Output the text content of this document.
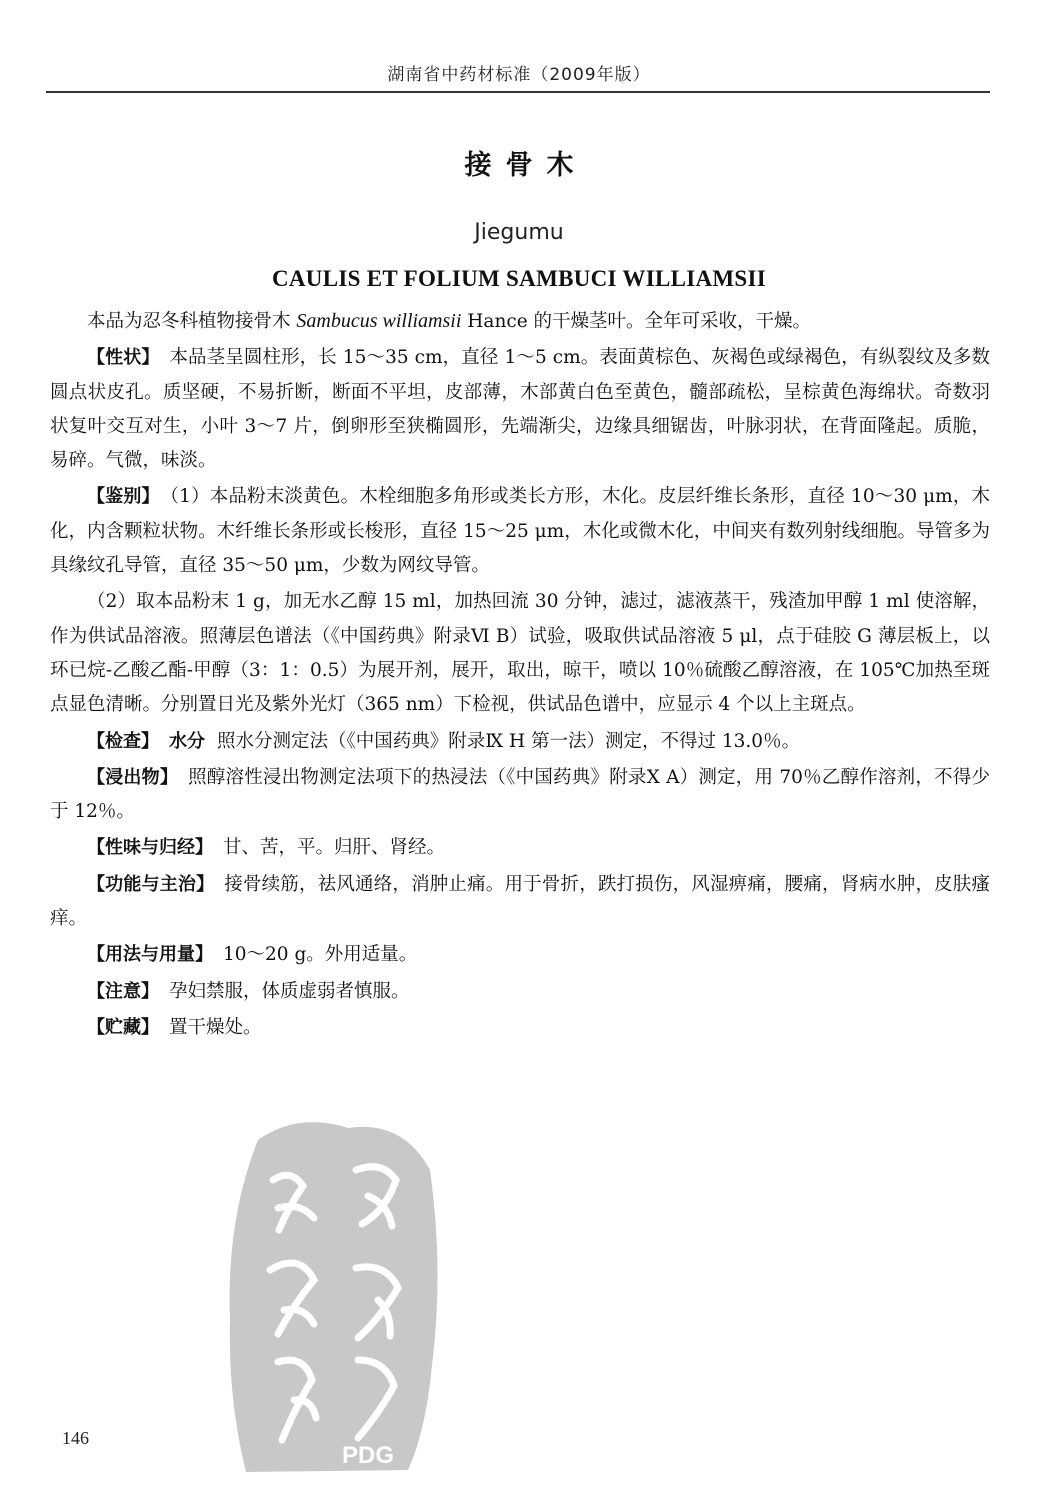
湖南省中药材标准（2009年版）
接骨木
Jiegumu
CAULIS ET FOLIUM SAMBUCI WILLIAMSII

本品为忍冬科植物接骨木 Sambucus williamsii Hance 的干燥茎叶。全年可采收，干燥。

【性状】 本品茎呈圆柱形，长 15～35 cm，直径 1～5 cm。表面黄棕色、灰褐色或绿褐色，有纵裂纹及多数圆点状皮孔。质坚硬，不易折断，断面不平坦，皮部薄，木部黄白色至黄色，髓部疏松，呈棕黄色海绵状。奇数羽状复叶交互对生，小叶 3～7 片，倒卵形至狭椭圆形，先端渐尖，边缘具细锯齿，叶脉羽状，在背面隆起。质脆，易碎。气微，味淡。

【鉴别】 （1）本品粉末淡黄色。木栓细胞多角形或类长方形，木化。皮层纤维长条形，直径 10～30 μm，木化，内含颗粒状物。木纤维长条形或长梭形，直径 15～25 μm，木化或微木化，中间夹有数列射线细胞。导管多为具缘纹孔导管，直径 35～50 μm，少数为网纹导管。

（2）取本品粉末 1 g，加无水乙醇 15 ml，加热回流 30 分钟，滤过，滤液蒸干，残渣加甲醇 1 ml 使溶解，作为供试品溶液。照薄层色谱法（《中国药典》附录Ⅵ B）试验，吸取供试品溶液 5 μl，点于硅胶 G 薄层板上，以环已烷-乙酸乙酯-甲醇（3：1：0.5）为展开剂，展开，取出，晾干，喷以 10％硫酸乙醇溶液，在 105℃加热至斑点显色清晰。分别置日光及紫外光灯（365 nm）下检视，供试品色谱中，应显示 4 个以上主斑点。

【检查】 水分 照水分测定法（《中国药典》附录Ⅸ H 第一法）测定，不得过 13.0％。

【浸出物】 照醇溶性浸出物测定法项下的热浸法（《中国药典》附录Ⅹ A）测定，用 70％乙醇作溶剂，不得少于 12％。

【性味与归经】 甘、苦，平。归肝、肾经。

【功能与主治】 接骨续筋，祛风通络，消肿止痛。用于骨折，跌打损伤，风湿痹痛，腰痛，肾病水肿，皮肤瘙痒。

【用法与用量】 10～20 g。外用适量。

【注意】 孕妇禁服，体质虚弱者慎服。

【贮藏】 置干燥处。

PDG
146
